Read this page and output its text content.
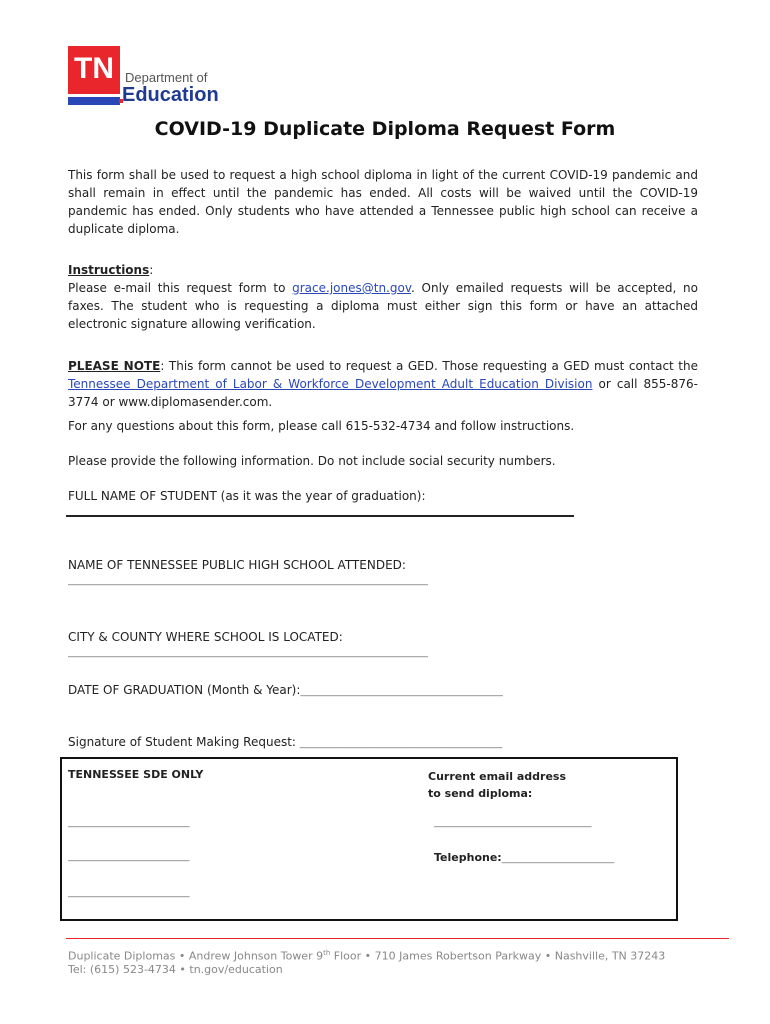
TN Department of
Education
COVID-19 Duplicate Diploma Request Form
This form shall be used to request a high school diploma in light of the current COVID-19 pandemic and shall remain in effect until the pandemic has ended. All costs will be waived until the COVID-19 pandemic has ended. Only students who have attended a Tennessee public high school can receive a duplicate diploma.
Instructions:
Please e-mail this request form to grace.jones@tn.gov. Only emailed requests will be accepted, no faxes. The student who is requesting a diploma must either sign this form or have an attached electronic signature allowing verification.
PLEASE NOTE: This form cannot be used to request a GED. Those requesting a GED must contact the Tennessee Department of Labor & Workforce Development Adult Education Division or call 855-876-3774 or www.diplomasender.com.
For any questions about this form, please call 615-532-4734 and follow instructions.
Please provide the following information. Do not include social security numbers.
FULL NAME OF STUDENT (as it was the year of graduation):
NAME OF TENNESSEE PUBLIC HIGH SCHOOL ATTENDED:
________________________________________________________________________________
CITY & COUNTY WHERE SCHOOL IS LOCATED:
________________________________________________________________________________
DATE OF GRADUATION (Month & Year):_____________________________________________
Signature of Student Making Request: _____________________________________________
TENNESSEE SDE ONLY	Current email address
to send diploma:
___________________________	___________________________________
___________________________	Telephone:_________________________
___________________________
Duplicate Diplomas • Andrew Johnson Tower 9th Floor • 710 James Robertson Parkway • Nashville, TN 37243
Tel: (615) 523-4734 • tn.gov/education
